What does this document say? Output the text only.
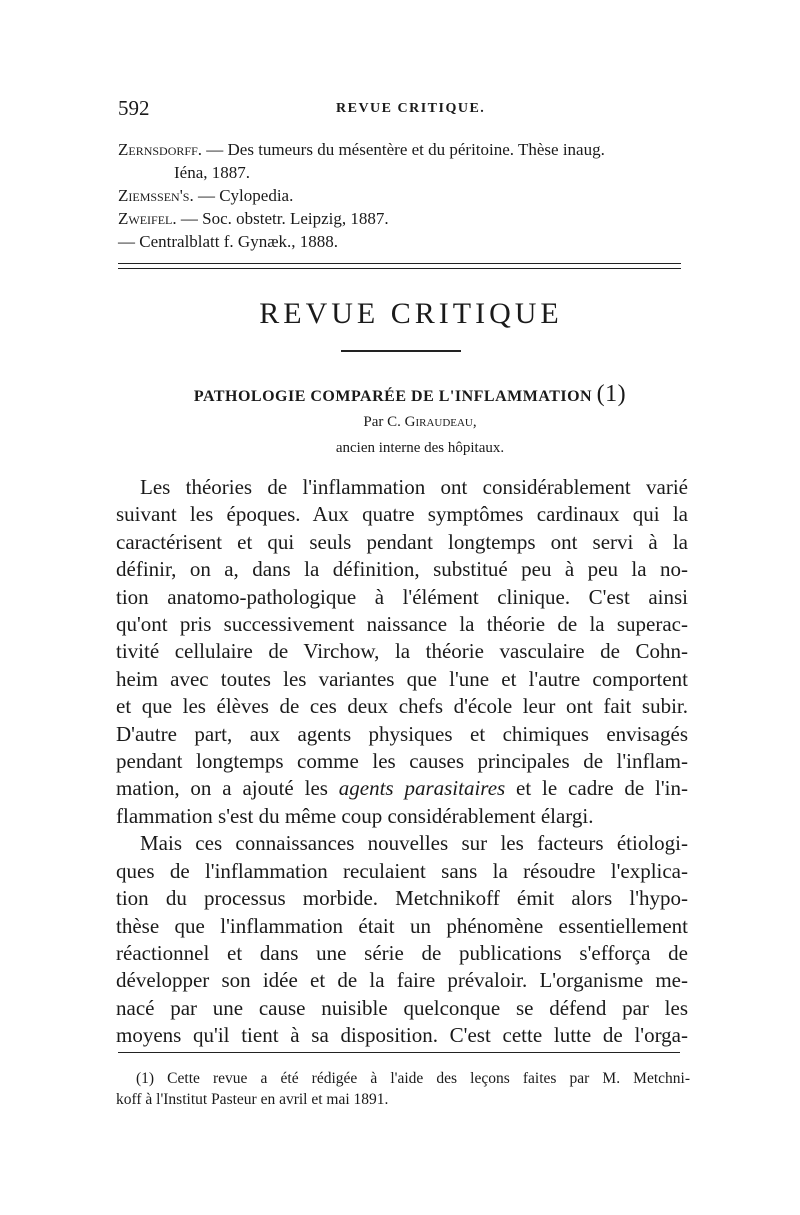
592	REVUE CRITIQUE.
Zernsdorff. — Des tumeurs du mésentère et du péritoine. Thèse inaug.
Iéna, 1887.
Ziemssen's. — Cylopedia.
Zweifel. — Soc. obstetr. Leipzig, 1887.
— Centralblatt f. Gynæk., 1888.
REVUE CRITIQUE
PATHOLOGIE COMPARÉE DE L'INFLAMMATION (1)
Par C. Giraudeau,
ancien interne des hôpitaux.
Les théories de l'inflammation ont considérablement varié
suivant les époques. Aux quatre symptômes cardinaux qui la
caractérisent et qui seuls pendant longtemps ont servi à la
définir, on a, dans la définition, substitué peu à peu la no-
tion anatomo-pathologique à l'élément clinique. C'est ainsi
qu'ont pris successivement naissance la théorie de la superac-
tivité cellulaire de Virchow, la théorie vasculaire de Cohn-
heim avec toutes les variantes que l'une et l'autre comportent
et que les élèves de ces deux chefs d'école leur ont fait subir.
D'autre part, aux agents physiques et chimiques envisagés
pendant longtemps comme les causes principales de l'inflam-
mation, on a ajouté les agents parasitaires et le cadre de l'in-
flammation s'est du même coup considérablement élargi.
Mais ces connaissances nouvelles sur les facteurs étiologi-
ques de l'inflammation reculaient sans la résoudre l'explica-
tion du processus morbide. Metchnikoff émit alors l'hypo-
thèse que l'inflammation était un phénomène essentiellement
réactionnel et dans une série de publications s'efforça de
développer son idée et de la faire prévaloir. L'organisme me-
nacé par une cause nuisible quelconque se défend par les
moyens qu'il tient à sa disposition. C'est cette lutte de l'orga-
(1) Cette revue a été rédigée à l'aide des leçons faites par M. Metchni-
koff à l'Institut Pasteur en avril et mai 1891.
